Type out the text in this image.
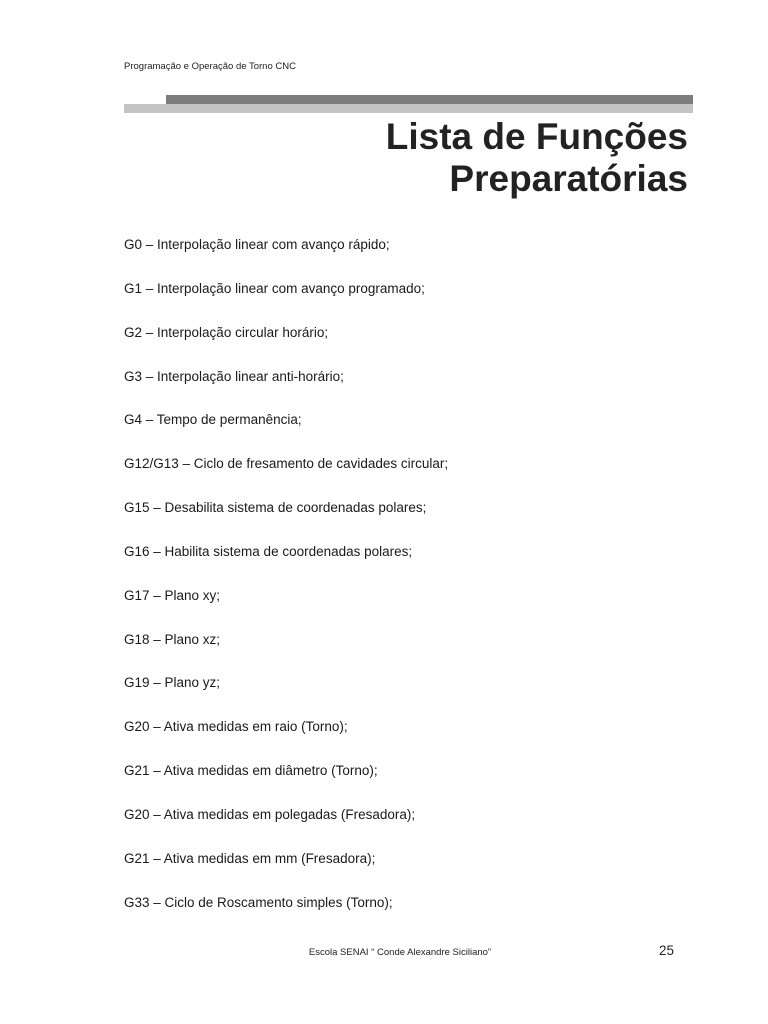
Programação e Operação de Torno CNC
Lista de Funções
Preparatórias
G0 – Interpolação linear com avanço rápido;
G1 – Interpolação linear com avanço programado;
G2 – Interpolação circular horário;
G3 – Interpolação linear anti-horário;
G4 – Tempo de permanência;
G12/G13 – Ciclo de fresamento de cavidades circular;
G15 – Desabilita sistema de coordenadas polares;
G16 – Habilita sistema de coordenadas polares;
G17 – Plano xy;
G18 – Plano xz;
G19 – Plano yz;
G20 – Ativa medidas em raio (Torno);
G21 – Ativa medidas em diâmetro (Torno);
G20 – Ativa medidas em polegadas (Fresadora);
G21 – Ativa medidas em mm (Fresadora);
G33 – Ciclo de Roscamento simples (Torno);
Escola SENAI “ Conde Alexandre Siciliano”	25
